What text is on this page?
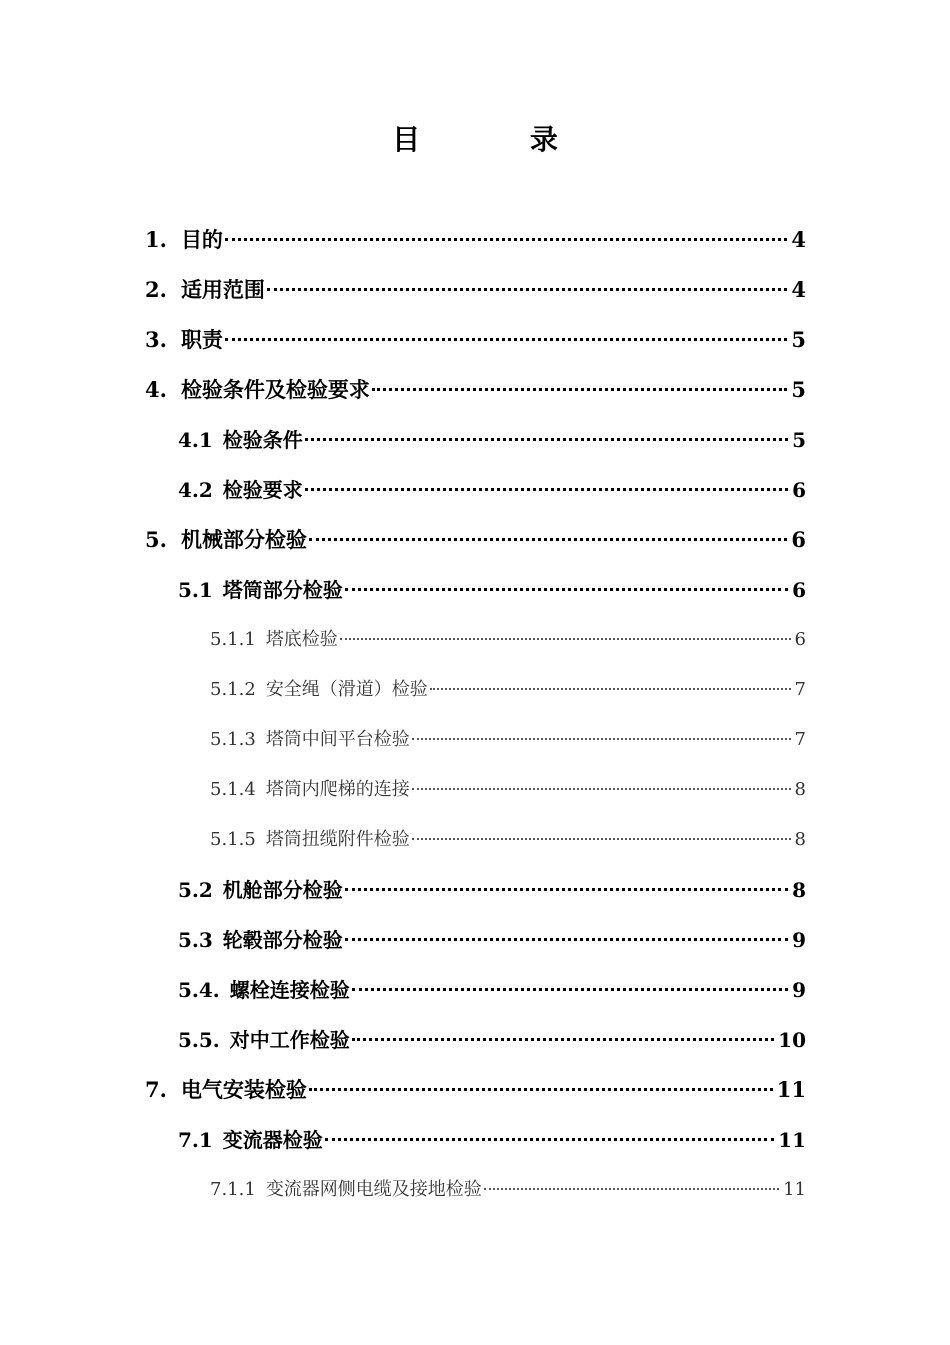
目 录
1. 目的	4
2. 适用范围	4
3. 职责	5
4. 检验条件及检验要求	5
4.1 检验条件	5
4.2 检验要求	6
5. 机械部分检验	6
5.1 塔筒部分检验	6
5.1.1 塔底检验	6
5.1.2 安全绳（滑道）检验	7
5.1.3 塔筒中间平台检验	7
5.1.4 塔筒内爬梯的连接	8
5.1.5 塔筒扭缆附件检验	8
5.2 机舱部分检验	8
5.3 轮毂部分检验	9
5.4. 螺栓连接检验	9
5.5. 对中工作检验	10
7. 电气安装检验	11
7.1 变流器检验	11
7.1.1 变流器网侧电缆及接地检验	11
